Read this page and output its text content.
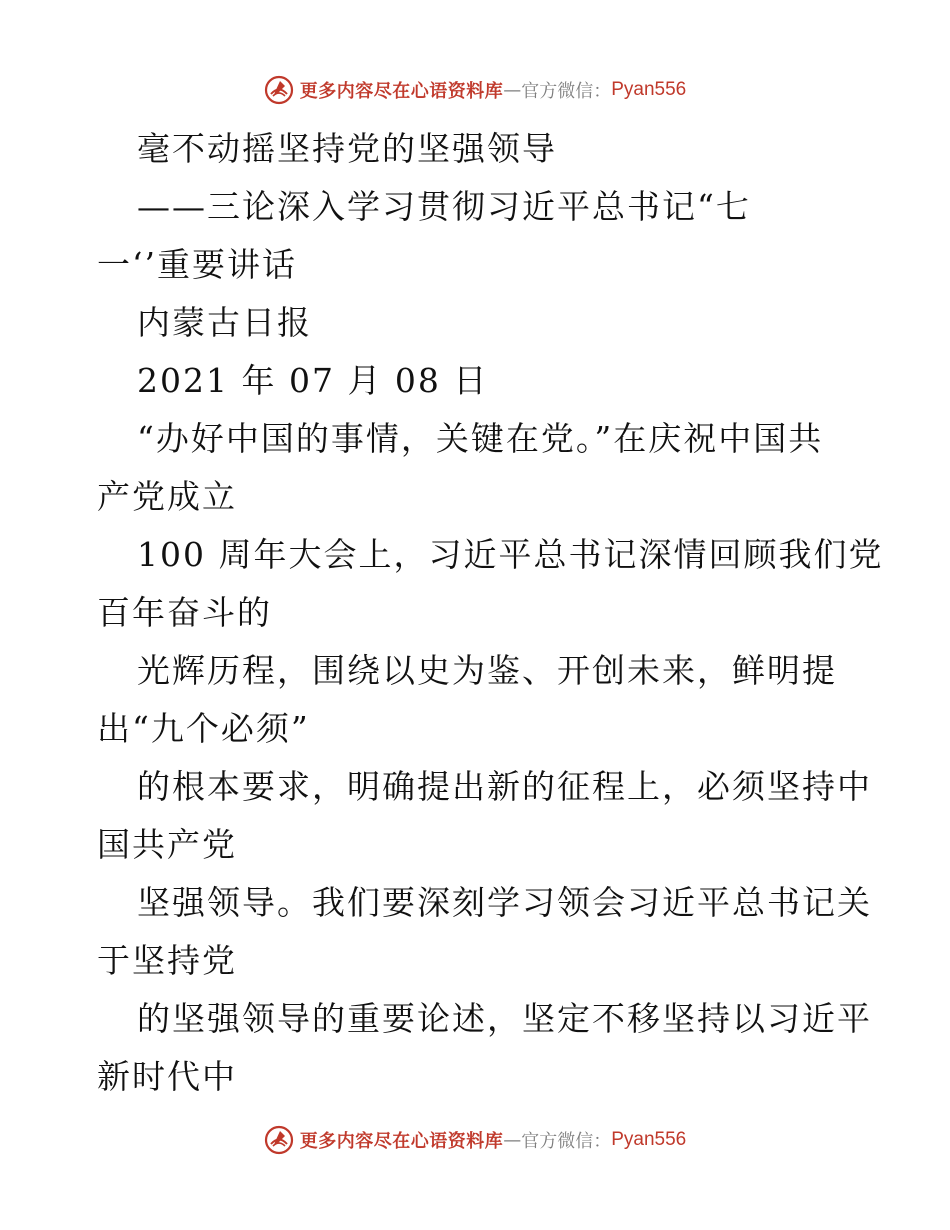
更多内容尽在心语资料库 — 官方微信： Pyan556
毫不动摇坚持党的坚强领导
——三论深入学习贯彻习近平总书记“七
一‘’重要讲话
内蒙古日报
2021 年 07 月 08 日
“办好中国的事情，关键在党。”在庆祝中国共
产党成立
100 周年大会上，习近平总书记深情回顾我们党
百年奋斗的
光辉历程，围绕以史为鉴、开创未来，鲜明提
出“九个必须”
的根本要求，明确提出新的征程上，必须坚持中
国共产党
坚强领导。我们要深刻学习领会习近平总书记关
于坚持党
的坚强领导的重要论述，坚定不移坚持以习近平
新时代中
更多内容尽在心语资料库 — 官方微信： Pyan556
